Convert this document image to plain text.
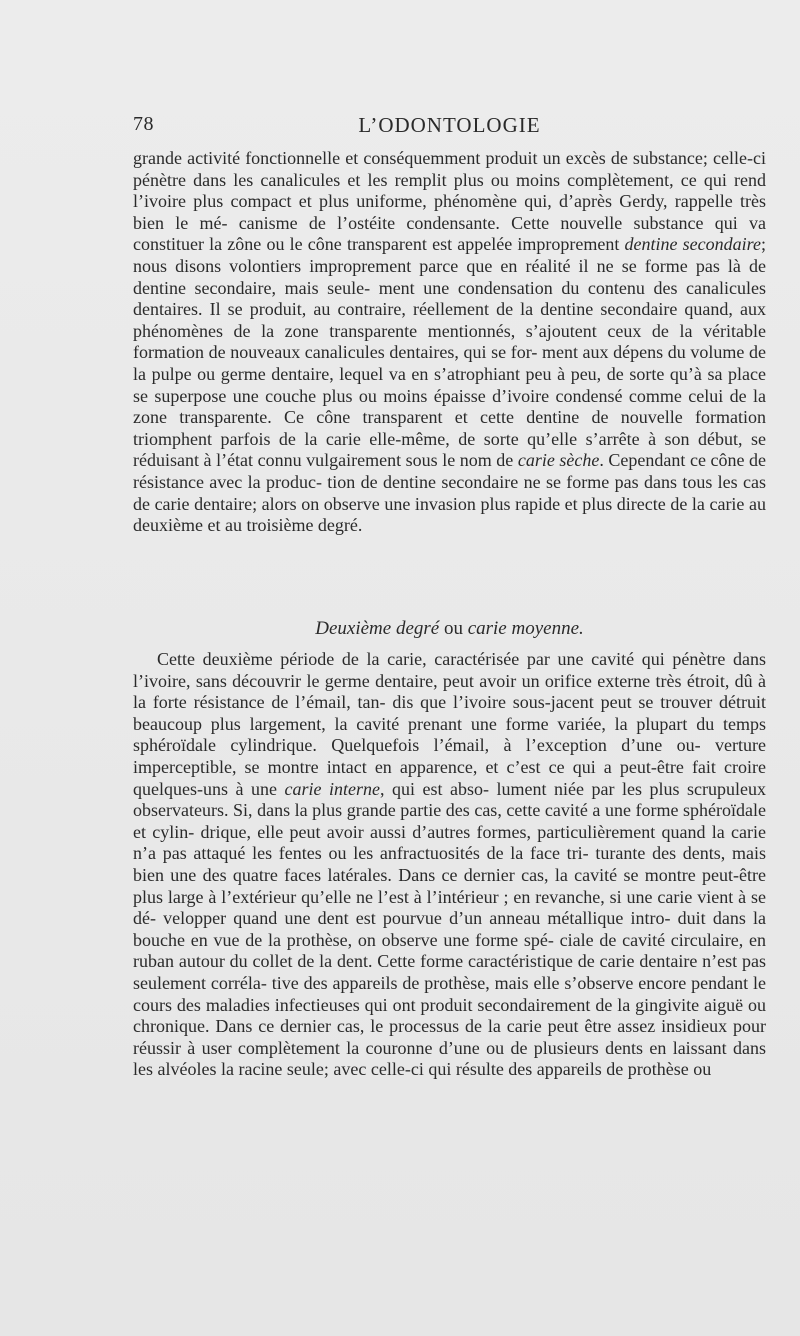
78	L’ODONTOLOGIE

grande activité fonctionnelle et conséquemment produit un excès de substance; celle-ci pénètre dans les canalicules et les remplit plus ou moins complètement, ce qui rend l’ivoire plus compact et plus uniforme, phénomène qui, d’après Gerdy, rappelle très bien le mé- canisme de l’ostéite condensante. Cette nouvelle substance qui va constituer la zône ou le cône transparent est appelée improprement dentine secondaire; nous disons volontiers improprement parce que en réalité il ne se forme pas là de dentine secondaire, mais seule- ment une condensation du contenu des canalicules dentaires. Il se produit, au contraire, réellement de la dentine secondaire quand, aux phénomènes de la zone transparente mentionnés, s’ajoutent ceux de la véritable formation de nouveaux canalicules dentaires, qui se for- ment aux dépens du volume de la pulpe ou germe dentaire, lequel va en s’atrophiant peu à peu, de sorte qu’à sa place se superpose une couche plus ou moins épaisse d’ivoire condensé comme celui de la zone transparente. Ce cône transparent et cette dentine de nouvelle formation triomphent parfois de la carie elle-même, de sorte qu’elle s’arrête à son début, se réduisant à l’état connu vulgairement sous le nom de carie sèche. Cependant ce cône de résistance avec la produc- tion de dentine secondaire ne se forme pas dans tous les cas de carie dentaire; alors on observe une invasion plus rapide et plus directe de la carie au deuxième et au troisième degré.

Deuxième degré ou carie moyenne.

Cette deuxième période de la carie, caractérisée par une cavité qui pénètre dans l’ivoire, sans découvrir le germe dentaire, peut avoir un orifice externe très étroit, dû à la forte résistance de l’émail, tan- dis que l’ivoire sous-jacent peut se trouver détruit beaucoup plus largement, la cavité prenant une forme variée, la plupart du temps sphéroïdale cylindrique. Quelquefois l’émail, à l’exception d’une ou- verture imperceptible, se montre intact en apparence, et c’est ce qui a peut-être fait croire quelques-uns à une carie interne, qui est abso- lument niée par les plus scrupuleux observateurs. Si, dans la plus grande partie des cas, cette cavité a une forme sphéroïdale et cylin- drique, elle peut avoir aussi d’autres formes, particulièrement quand la carie n’a pas attaqué les fentes ou les anfractuosités de la face tri- turante des dents, mais bien une des quatre faces latérales. Dans ce dernier cas, la cavité se montre peut-être plus large à l’extérieur qu’elle ne l’est à l’intérieur ; en revanche, si une carie vient à se dé- velopper quand une dent est pourvue d’un anneau métallique intro- duit dans la bouche en vue de la prothèse, on observe une forme spé- ciale de cavité circulaire, en ruban autour du collet de la dent. Cette forme caractéristique de carie dentaire n’est pas seulement corréla- tive des appareils de prothèse, mais elle s’observe encore pendant le cours des maladies infectieuses qui ont produit secondairement de la gingivite aiguë ou chronique. Dans ce dernier cas, le processus de la carie peut être assez insidieux pour réussir à user complètement la couronne d’une ou de plusieurs dents en laissant dans les alvéoles la racine seule; avec celle-ci qui résulte des appareils de prothèse ou
